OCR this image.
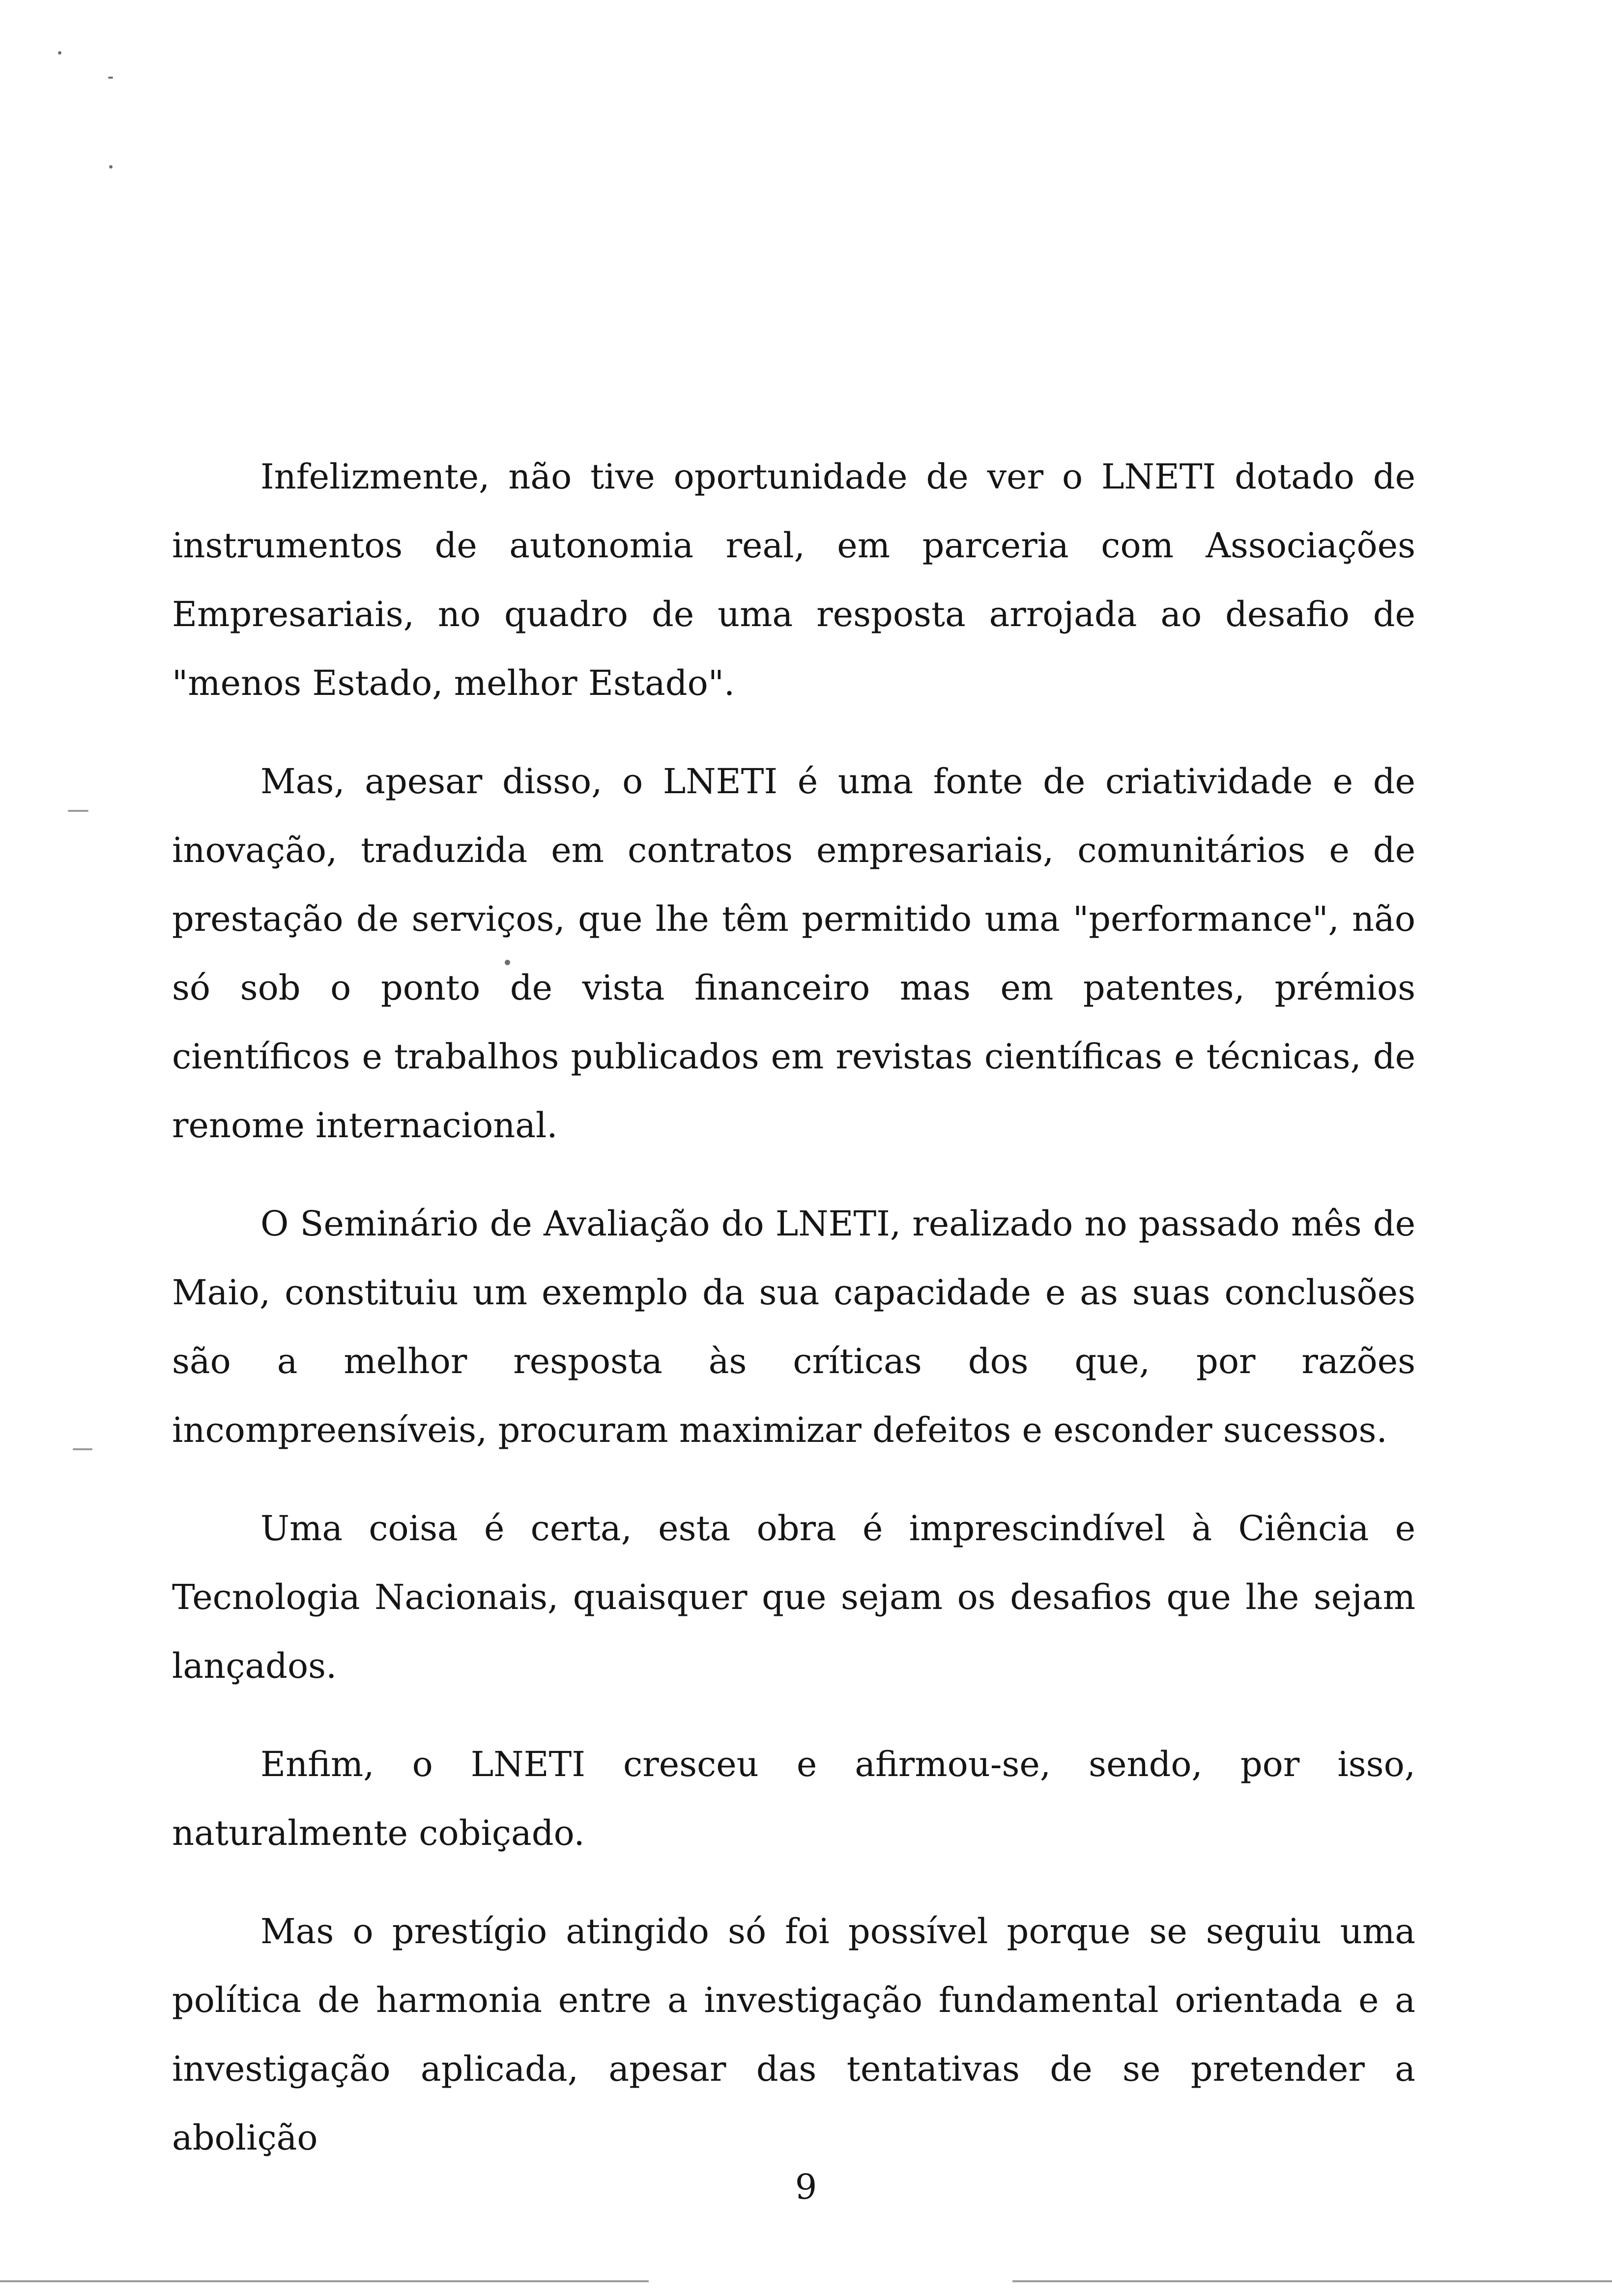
Infelizmente, não tive oportunidade de ver o LNETI dotado de instrumentos de autonomia real, em parceria com Associações Empresariais, no quadro de uma resposta arrojada ao desafio de "menos Estado, melhor Estado".

Mas, apesar disso, o LNETI é uma fonte de criatividade e de inovação, traduzida em contratos empresariais, comunitários e de prestação de serviços, que lhe têm permitido uma "performance", não só sob o ponto de vista financeiro mas em patentes, prémios científicos e trabalhos publicados em revistas científicas e técnicas, de renome internacional.

O Seminário de Avaliação do LNETI, realizado no passado mês de Maio, constituiu um exemplo da sua capacidade e as suas conclusões são a melhor resposta às críticas dos que, por razões incompreensíveis, procuram maximizar defeitos e esconder sucessos.

Uma coisa é certa, esta obra é imprescindível à Ciência e Tecnologia Nacionais, quaisquer que sejam os desafios que lhe sejam lançados.

Enfim, o LNETI cresceu e afirmou-se, sendo, por isso, naturalmente cobiçado.

Mas o prestígio atingido só foi possível porque se seguiu uma política de harmonia entre a investigação fundamental orientada e a investigação aplicada, apesar das tentativas de se pretender a abolição

9
